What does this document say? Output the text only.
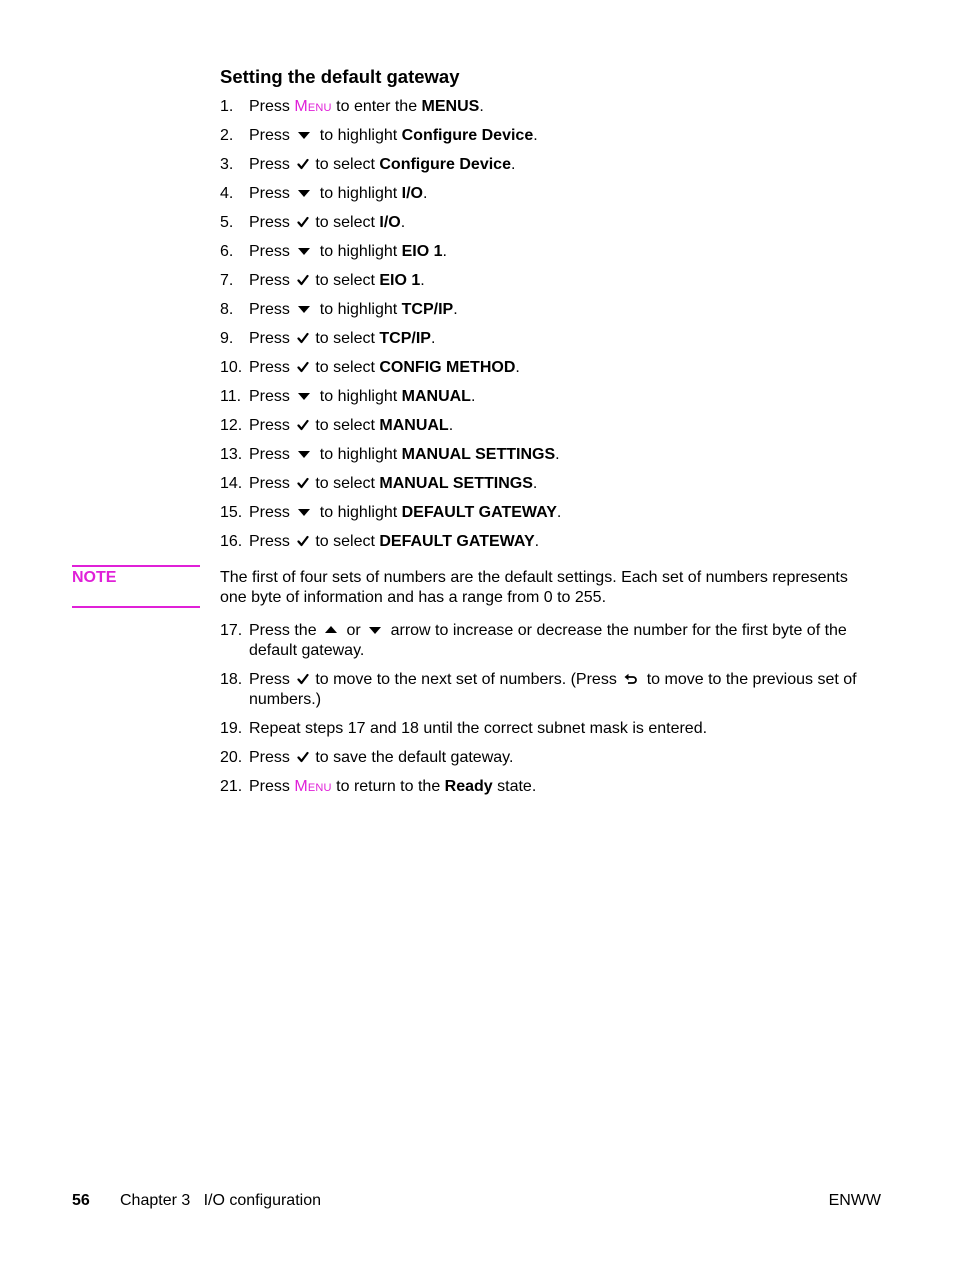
Setting the default gateway
1. Press Menu to enter the MENUS.
2. Press
to highlight Configure Device.
3. Press
to select Configure Device.
4. Press
to highlight I/O.
5. Press
to select I/O.
6. Press
to highlight EIO 1.
7. Press
to select EIO 1.
8. Press
to highlight TCP/IP.
9. Press
to select TCP/IP.
10. Press
to select CONFIG METHOD.
11. Press
to highlight MANUAL.
12. Press
to select MANUAL.
13. Press
to highlight MANUAL SETTINGS.
14. Press
to select MANUAL SETTINGS.
15. Press
to highlight DEFAULT GATEWAY.
16. Press
to select DEFAULT GATEWAY.
NOTE	The first of four sets of numbers are the default settings. Each set of numbers represents one byte of information and has a range from 0 to 255.

17. Press the
or
arrow to increase or decrease the number for the first byte of the default gateway.
18. Press
to move to the next set of numbers. (Press
to move to the previous set of numbers.)
19. Repeat steps 17 and 18 until the correct subnet mask is entered.
20. Press
to save the default gateway.
21. Press Menu to return to the Ready state.
56 Chapter 3   I/O configuration	ENWW
